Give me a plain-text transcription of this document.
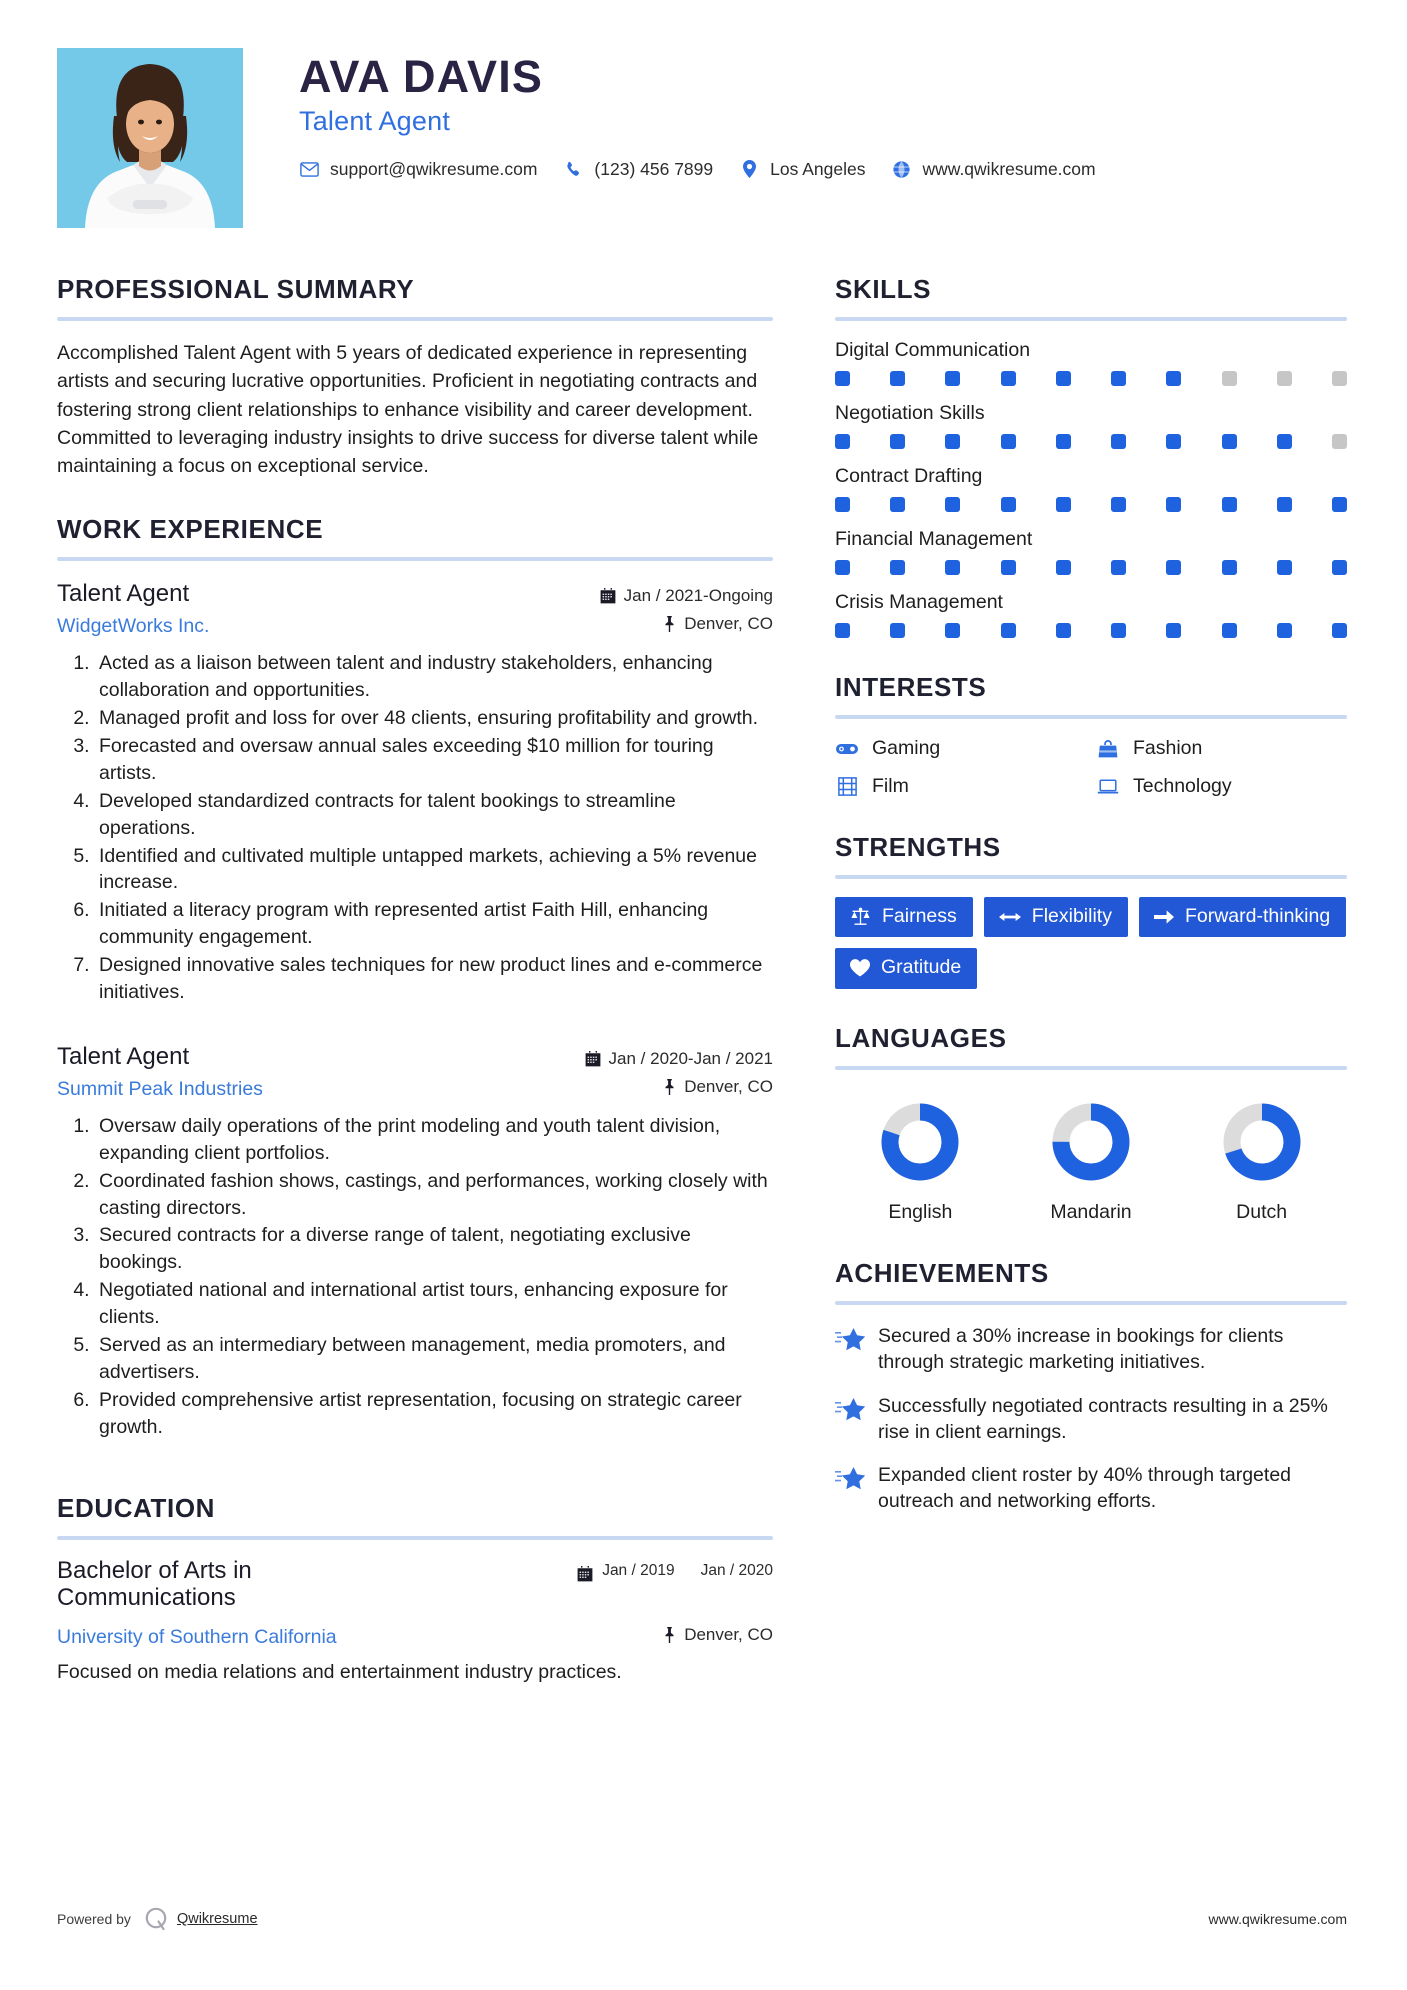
AVA DAVIS
Talent Agent
support@qwikresume.com	(123) 456 7899	Los Angeles	www.qwikresume.com
PROFESSIONAL SUMMARY
Accomplished Talent Agent with 5 years of dedicated experience in representing artists and securing lucrative opportunities. Proficient in negotiating contracts and fostering strong client relationships to enhance visibility and career development. Committed to leveraging industry insights to drive success for diverse talent while maintaining a focus on exceptional service.
WORK EXPERIENCE
Talent Agent	Jan / 2021-Ongoing
WidgetWorks Inc.	Denver, CO
1. Acted as a liaison between talent and industry stakeholders, enhancing collaboration and opportunities.
2. Managed profit and loss for over 48 clients, ensuring profitability and growth.
3. Forecasted and oversaw annual sales exceeding $10 million for touring artists.
4. Developed standardized contracts for talent bookings to streamline operations.
5. Identified and cultivated multiple untapped markets, achieving a 5% revenue increase.
6. Initiated a literacy program with represented artist Faith Hill, enhancing community engagement.
7. Designed innovative sales techniques for new product lines and e-commerce initiatives.
Talent Agent	Jan / 2020-Jan / 2021
Summit Peak Industries	Denver, CO
1. Oversaw daily operations of the print modeling and youth talent division, expanding client portfolios.
2. Coordinated fashion shows, castings, and performances, working closely with casting directors.
3. Secured contracts for a diverse range of talent, negotiating exclusive bookings.
4. Negotiated national and international artist tours, enhancing exposure for clients.
5. Served as an intermediary between management, media promoters, and advertisers.
6. Provided comprehensive artist representation, focusing on strategic career growth.
EDUCATION
Bachelor of Arts in Communications
Jan / 2019 Jan / 2020
University of Southern California	Denver, CO
Focused on media relations and entertainment industry practices.
SKILLS
Digital Communication
Negotiation Skills
Contract Drafting
Financial Management
Crisis Management
INTERESTS
Gaming	Fashion
Film	Technology
STRENGTHS
Fairness	Flexibility	Forward-thinking
Gratitude
LANGUAGES
English	Mandarin	Dutch
ACHIEVEMENTS
Secured a 30% increase in bookings for clients through strategic marketing initiatives.
Successfully negotiated contracts resulting in a 25% rise in client earnings.
Expanded client roster by 40% through targeted outreach and networking efforts.
Powered by	Qwikresume	www.qwikresume.com
